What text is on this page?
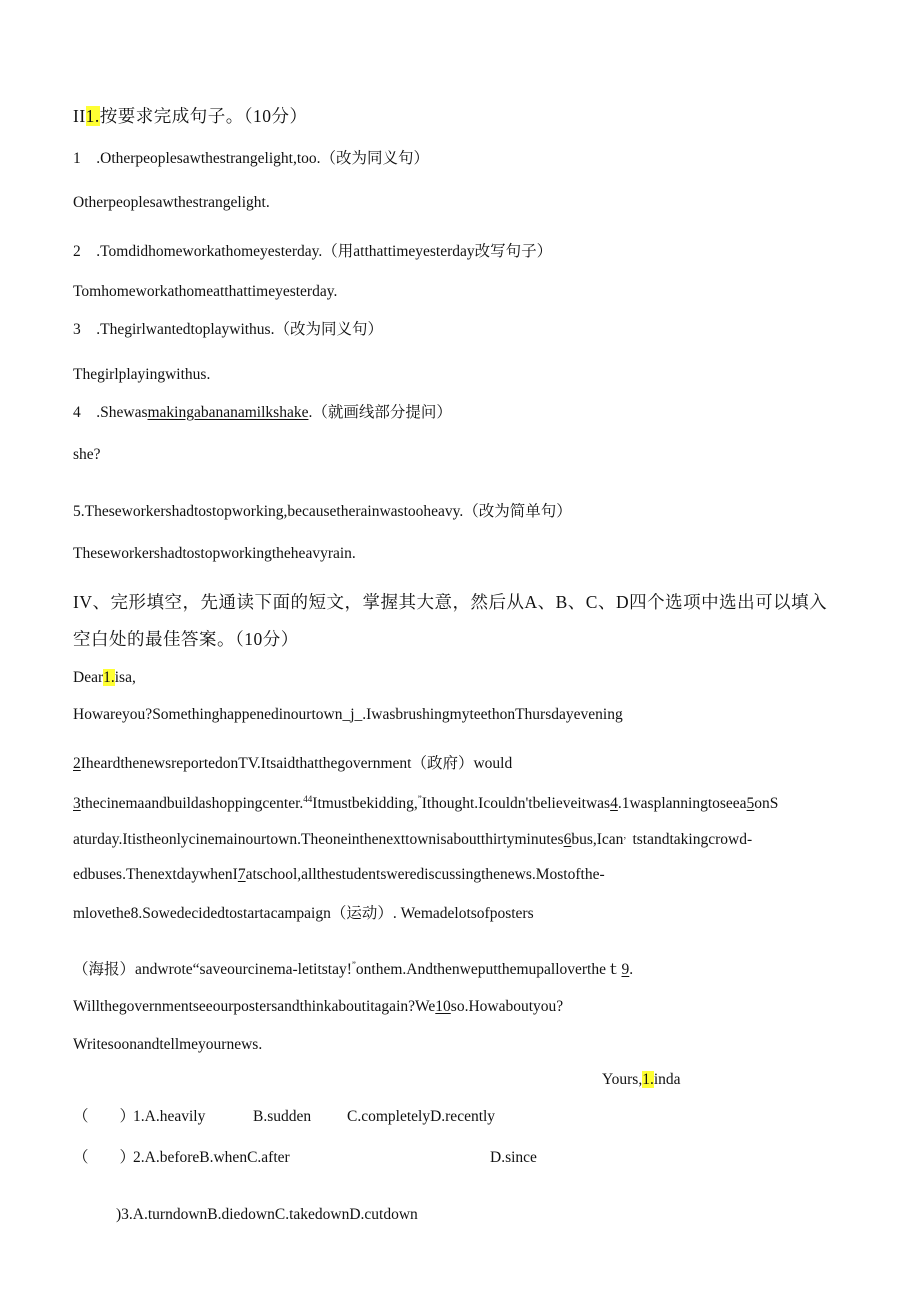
II1.按要求完成句子。（10分）
1　.Otherpeoplesawthestrangelight,too.（改为同义句）
Otherpeoplesawthestrangelight.
2　.Tomdidhomeworkathomeyesterday.（用atthattimeyesterday改写句子）
Tomhomeworkathomeatthattimeyesterday.
3　.Thegirlwantedtoplaywithus.（改为同义句）
Thegirlplayingwithus.
4　.Shewasmakingabananamilkshake.（就画线部分提问）
she?
5.Theseworkershadtostopworking,becausetherainwastooheavy.（改为简单句）
Theseworkershadtostopworkingtheheavyrain.
IV、完形填空，先通读下面的短文，掌握其大意，然后从A、B、C、D四个选项中选出可以填入
空白处的最佳答案。（10分）
Dear1.isa,
Howareyou?Somethinghappenedinourtown_j_.IwasbrushingmyteethonThursdayevening
2IheardthenewsreportedonTV.Itsaidthatthegovernment（政府）would
3thecinemaandbuildashoppingcenter.$^{44}$Itmustbekidding,”Ithought.Icouldn'tbelieveitwas4.1wasplanningtoseea5onS
aturday.Itistheonlycinemainourtown.Theoneinthenexttownisaboutthirtyminutes6bus,Ican，tstandtakingcrowd-
edbuses.ThenextdaywhenI7atschool,allthestudentswerediscussingthenews.Mostofthe-
mlovethe8.Sowedecidedtostartacampaign（运动）. Wemadelotsofposters
（海报）andwrote“saveourcinema-letitstay!”onthem.Andthenweputthemupallovertheｔ9.
Willthegovernmentseeourpostersandthinkaboutitagain?We10so.Howaboutyou?
Writesoonandtellmeyournews.
Yours,1.inda
（　　）1.A.heavily	B.sudden C.completelyD.recently
（　　）2.A.beforeB.whenC.after	D.since
)3.A.turndownB.diedownC.takedownD.cutdown
